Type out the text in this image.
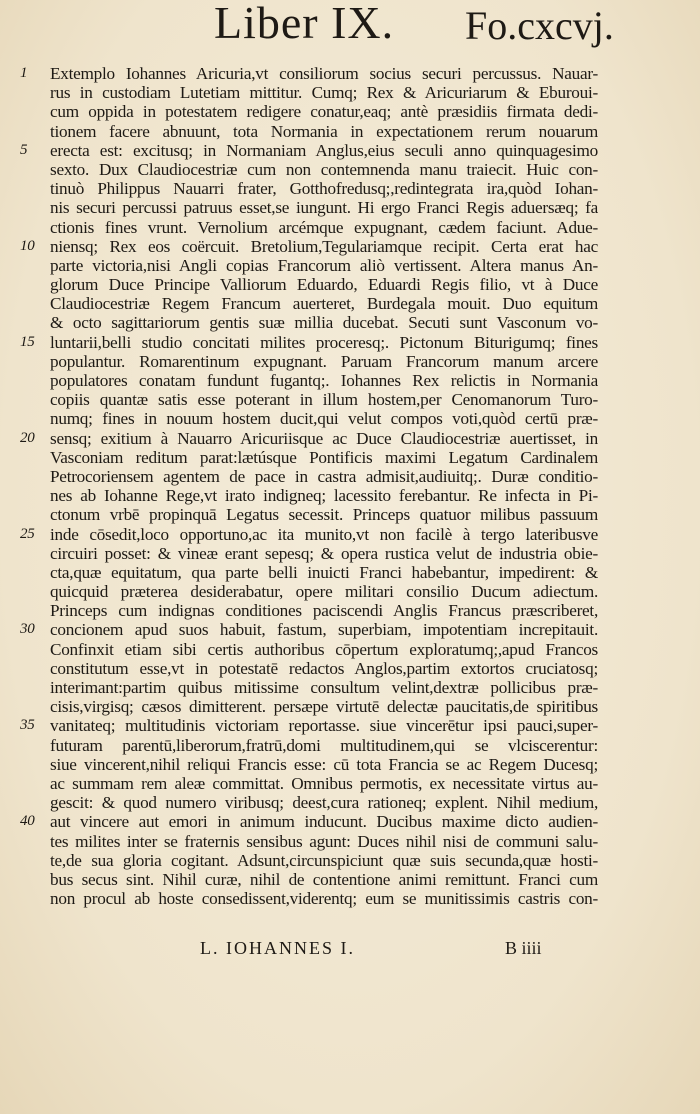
Liber IX. Fo.cxcvj.
1	Extemplo Iohannes Aricuria,vt consiliorum socius securi percussus. Nauar-
rus in custodiam Lutetiam mittitur. Cumq; Rex & Aricuriarum & Eburoui-
cum oppida in potestatem redigere conatur,eaq; antè præsidiis firmata dedi-
tionem facere abnuunt, tota Normania in expectationem rerum nouarum
5	erecta est: excitusq; in Normaniam Anglus,eius seculi anno quinquagesimo
sexto. Dux Claudiocestriæ cum non contemnenda manu traiecit. Huic con-
tinuò Philippus Nauarri frater, Gotthofredusq;,redintegrata ira,quòd Iohan-
nis securi percussi patruus esset,se iungunt. Hi ergo Franci Regis aduersæq; fa
ctionis fines vrunt. Vernolium arcémque expugnant, cædem faciunt. Adue-
10 niensq; Rex eos coërcuit. Bretolium,Tegulariamque recipit. Certa erat hac
parte victoria,nisi Angli copias Francorum aliò vertissent. Altera manus An-
glorum Duce Principe Valliorum Eduardo, Eduardi Regis filio, vt à Duce
Claudiocestriæ Regem Francum auerteret, Burdegala mouit. Duo equitum
& octo sagittariorum gentis suæ millia ducebat. Secuti sunt Vasconum vo-
15 luntarii,belli studio concitati milites proceresq;. Pictonum Biturigumq; fines
populantur. Romarentinum expugnant. Paruam Francorum manum arcere
populatores conatam fundunt fugantq;. Iohannes Rex relictis in Normania
copiis quantæ satis esse poterant in illum hostem,per Cenomanorum Turo-
numq; fines in nouum hostem ducit,qui velut compos voti,quòd certū præ-
20 sensq; exitium à Nauarro Aricuriisque ac Duce Claudiocestriæ auertisset, in
Vasconiam reditum parat:lætúsque Pontificis maximi Legatum Cardinalem
Petrocoriensem agentem de pace in castra admisit,audiuitq;. Duræ conditio-
nes ab Iohanne Rege,vt irato indigneq; lacessito ferebantur. Re infecta in Pi-
ctonum vrbē propinquā Legatus secessit. Princeps quatuor milibus passuum
25 inde cōsedit,loco opportuno,ac ita munito,vt non facilè à tergo lateribusve
circuiri posset: & vineæ erant sepesq; & opera rustica velut de industria obie-
cta,quæ equitatum, qua parte belli inuicti Franci habebantur, impedirent: &
quicquid præterea desiderabatur, opere militari consilio Ducum adiectum.
Princeps cum indignas conditiones paciscendi Anglis Francus præscriberet,
30 concionem apud suos habuit, fastum, superbiam, impotentiam increpitauit.
Confinxit etiam sibi certis authoribus cōpertum exploratumq;,apud Francos
constitutum esse,vt in potestatē redactos Anglos,partim extortos cruciatosq;
interimant:partim quibus mitissime consultum velint,dextræ pollicibus præ-
cisis,virgisq; cæsos dimitterent. persæpe virtutē delectæ paucitatis,de spiritibus
35 vanitateq; multitudinis victoriam reportasse. siue vincerētur ipsi pauci,super-
futuram parentū,liberorum,fratrū,domi multitudinem,qui se vlciscerentur:
siue vincerent,nihil reliqui Francis esse: cū tota Francia se ac Regem Ducesq;
ac summam rem aleæ committat. Omnibus permotis, ex necessitate virtus au-
gescit: & quod numero viribusq; deest,cura rationeq; explent. Nihil medium,
40 aut vincere aut emori in animum inducunt. Ducibus maxime dicto audien-
tes milites inter se fraternis sensibus agunt: Duces nihil nisi de communi salu-
te,de sua gloria cogitant. Adsunt,circunspiciunt quæ suis secunda,quæ hosti-
bus secus sint. Nihil curæ, nihil de contentione animi remittunt. Franci cum
non procul ab hoste consedissent,viderentq; eum se munitissimis castris con-
L. IOHANNES I.	B iiii
